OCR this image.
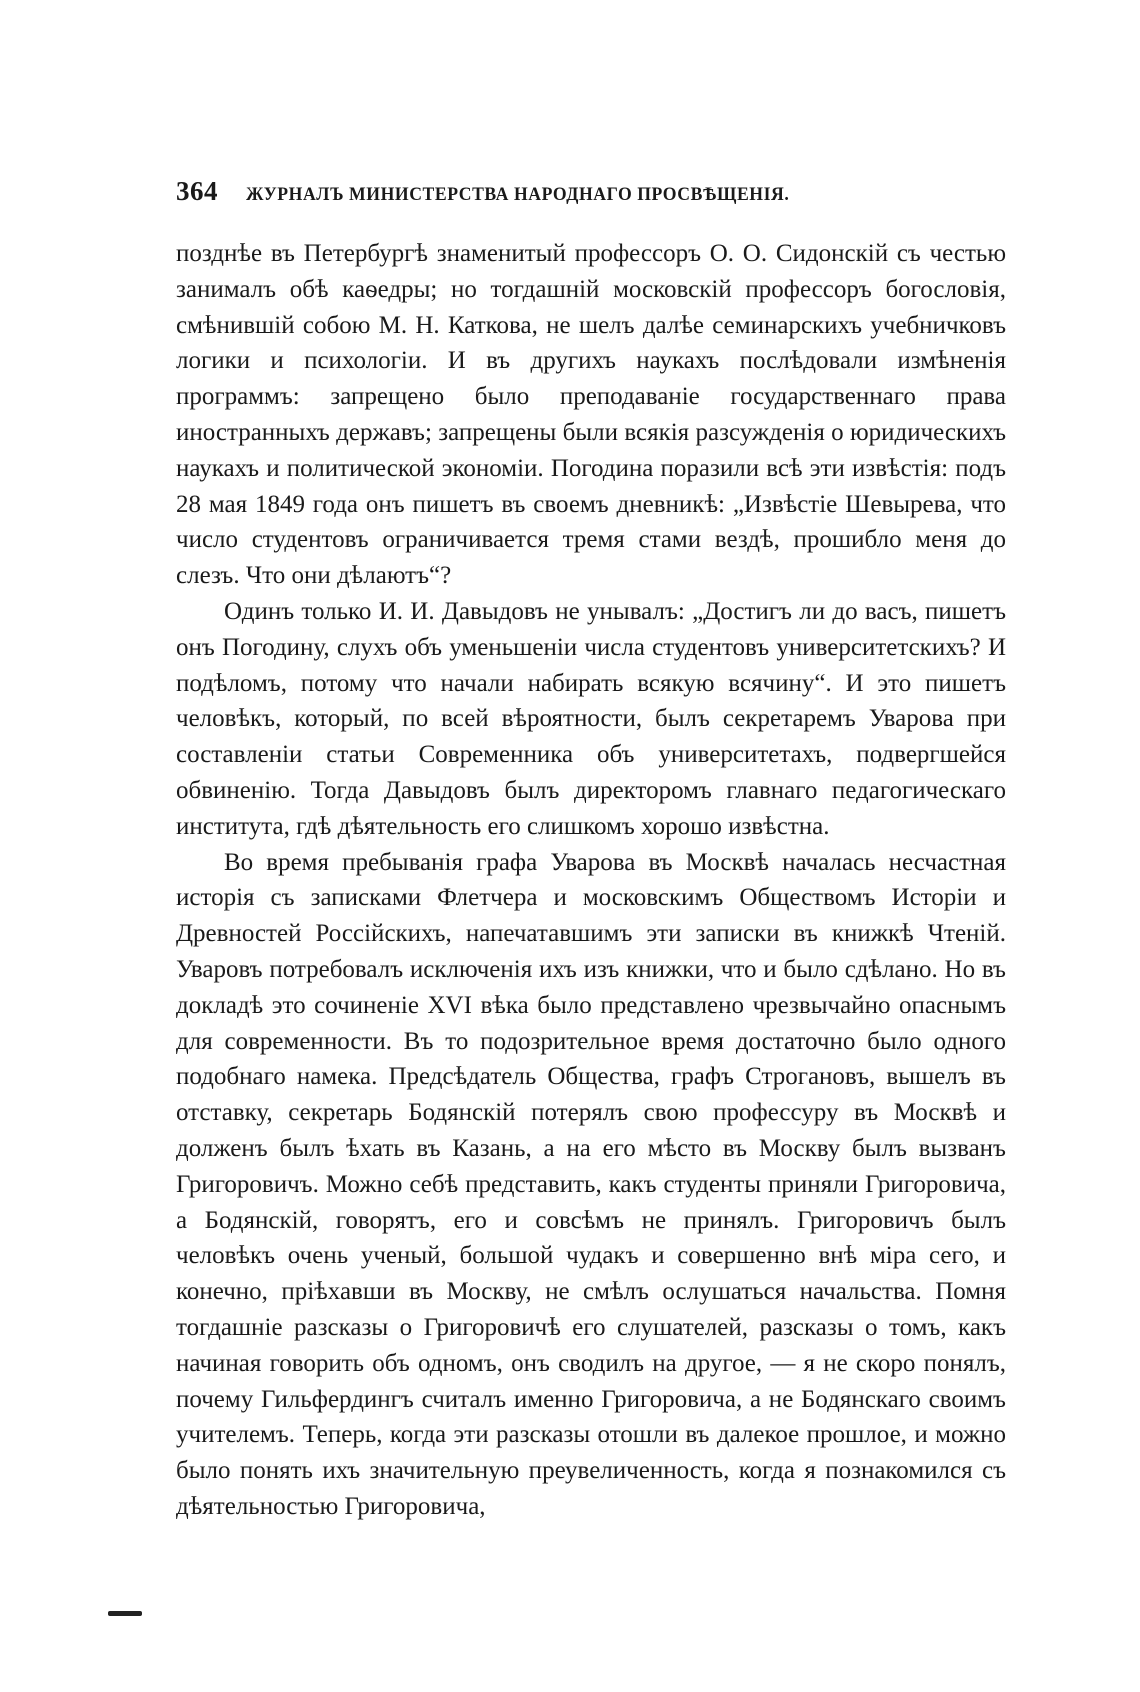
364 ЖУРНАЛЪ МИНИСТЕРСТВА НАРОДНАГО ПРОСВѢЩЕНІЯ.

позднѣе въ Петербургѣ знаменитый профессоръ О. О. Сидонскій съ честью занималъ обѣ каѳедры; но тогдашній московскій профессоръ богословія, смѣнившій собою М. Н. Каткова, не шелъ далѣе семинарскихъ учебничковъ логики и психологіи. И въ другихъ наукахъ послѣдовали измѣненія программъ: запрещено было преподаваніе государственнаго права иностранныхъ державъ; запрещены были всякія разсужденія о юридическихъ наукахъ и политической экономіи. Погодина поразили всѣ эти извѣстія: подъ 28 мая 1849 года онъ пишетъ въ своемъ дневникѣ: „Извѣстіе Шевырева, что число студентовъ ограничивается тремя стами вездѣ, прошибло меня до слезъ. Что они дѣлаютъ“?

Одинъ только И. И. Давыдовъ не унывалъ: „Достигъ ли до васъ, пишетъ онъ Погодину, слухъ объ уменьшеніи числа студентовъ университетскихъ? И подѣломъ, потому что начали набирать всякую всячину“. И это пишетъ человѣкъ, который, по всей вѣроятности, былъ секретаремъ Уварова при составленіи статьи Современника объ университетахъ, подвергшейся обвиненію. Тогда Давыдовъ былъ директоромъ главнаго педагогическаго института, гдѣ дѣятельность его слишкомъ хорошо извѣстна.

Во время пребыванія графа Уварова въ Москвѣ началась несчастная исторія съ записками Флетчера и московскимъ Обществомъ Исторіи и Древностей Россійскихъ, напечатавшимъ эти записки въ книжкѣ Чтеній. Уваровъ потребовалъ исключенія ихъ изъ книжки, что и было сдѣлано. Но въ докладѣ это сочиненіе XVI вѣка было представлено чрезвычайно опаснымъ для современности. Въ то подозрительное время достаточно было одного подобнаго намека. Предсѣдатель Общества, графъ Строгановъ, вышелъ въ отставку, секретарь Бодянскій потерялъ свою профессуру въ Москвѣ и долженъ былъ ѣхать въ Казань, а на его мѣсто въ Москву былъ вызванъ Григоровичъ. Можно себѣ представить, какъ студенты приняли Григоровича, а Бодянскій, говорятъ, его и совсѣмъ не принялъ. Григоровичъ былъ человѣкъ очень ученый, большой чудакъ и совершенно внѣ міра сего, и конечно, пріѣхавши въ Москву, не смѣлъ ослушаться начальства. Помня тогдашніе разсказы о Григоровичѣ его слушателей, разсказы о томъ, какъ начиная говорить объ одномъ, онъ сводилъ на другое, — я не скоро понялъ, почему Гильфердингъ считалъ именно Григоровича, а не Бодянскаго своимъ учителемъ. Теперь, когда эти разсказы отошли въ далекое прошлое, и можно было понять ихъ значительную преувеличенность, когда я познакомился съ дѣятельностью Григоровича,
